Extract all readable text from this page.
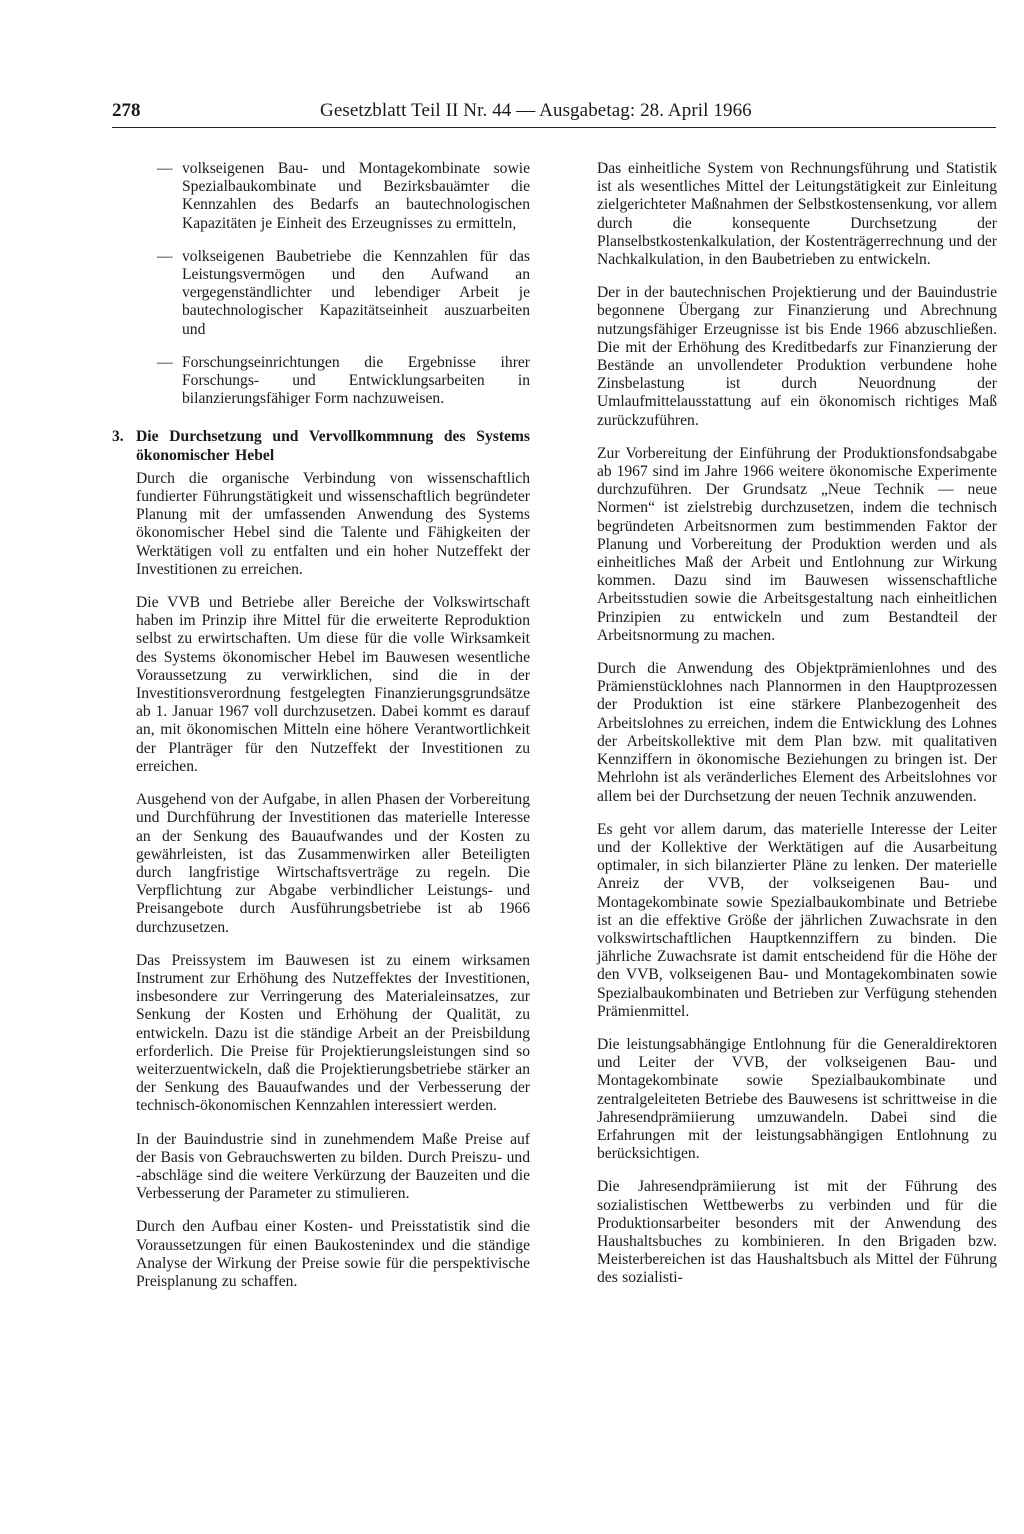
278	Gesetzblatt Teil II Nr. 44 — Ausgabetag: 28. April 1966
— volkseigenen Bau- und Montagekombinate sowie Spezialbaukombinate und Bezirksbauämter die Kennzahlen des Bedarfs an bautechnologischen Kapazitäten je Einheit des Erzeugnisses zu ermitteln,

— volkseigenen Baubetriebe die Kennzahlen für das Leistungsvermögen und den Aufwand an vergegenständlichter und lebendiger Arbeit je bautechnologischer Kapazitätseinheit auszuarbeiten und

— Forschungseinrichtungen die Ergebnisse ihrer Forschungs- und Entwicklungsarbeiten in bilanzierungsfähiger Form nachzuweisen.

3. Die Durchsetzung und Vervollkommnung des Systems ökonomischer Hebel

Durch die organische Verbindung von wissenschaftlich fundierter Führungstätigkeit und wissenschaftlich begründeter Planung mit der umfassenden Anwendung des Systems ökonomischer Hebel sind die Talente und Fähigkeiten der Werktätigen voll zu entfalten und ein hoher Nutzeffekt der Investitionen zu erreichen.

Die VVB und Betriebe aller Bereiche der Volkswirtschaft haben im Prinzip ihre Mittel für die erweiterte Reproduktion selbst zu erwirtschaften. Um diese für die volle Wirksamkeit des Systems ökonomischer Hebel im Bauwesen wesentliche Voraussetzung zu verwirklichen, sind die in der Investitionsverordnung festgelegten Finanzierungsgrundsätze ab 1. Januar 1967 voll durchzusetzen. Dabei kommt es darauf an, mit ökonomischen Mitteln eine höhere Verantwortlichkeit der Planträger für den Nutzeffekt der Investitionen zu erreichen.

Ausgehend von der Aufgabe, in allen Phasen der Vorbereitung und Durchführung der Investitionen das materielle Interesse an der Senkung des Bauaufwandes und der Kosten zu gewährleisten, ist das Zusammenwirken aller Beteiligten durch langfristige Wirtschaftsverträge zu regeln. Die Verpflichtung zur Abgabe verbindlicher Leistungs- und Preisangebote durch Ausführungsbetriebe ist ab 1966 durchzusetzen.

Das Preissystem im Bauwesen ist zu einem wirksamen Instrument zur Erhöhung des Nutzeffektes der Investitionen, insbesondere zur Verringerung des Materialeinsatzes, zur Senkung der Kosten und Erhöhung der Qualität, zu entwickeln. Dazu ist die ständige Arbeit an der Preisbildung erforderlich. Die Preise für Projektierungsleistungen sind so weiterzuentwickeln, daß die Projektierungsbetriebe stärker an der Senkung des Bauaufwandes und der Verbesserung der technisch-ökonomischen Kennzahlen interessiert werden.

In der Bauindustrie sind in zunehmendem Maße Preise auf der Basis von Gebrauchswerten zu bilden. Durch Preiszu- und -abschläge sind die weitere Verkürzung der Bauzeiten und die Verbesserung der Parameter zu stimulieren.

Durch den Aufbau einer Kosten- und Preisstatistik sind die Voraussetzungen für einen Baukostenindex und die ständige Analyse der Wirkung der Preise sowie für die perspektivische Preisplanung zu schaffen.

Das einheitliche System von Rechnungsführung und Statistik ist als wesentliches Mittel der Leitungstätigkeit zur Einleitung zielgerichteter Maßnahmen der Selbstkostensenkung, vor allem durch die konsequente Durchsetzung der Planselbstkostenkalkulation, der Kostenträgerrechnung und der Nachkalkulation, in den Baubetrieben zu entwickeln.

Der in der bautechnischen Projektierung und der Bauindustrie begonnene Übergang zur Finanzierung und Abrechnung nutzungsfähiger Erzeugnisse ist bis Ende 1966 abzuschließen. Die mit der Erhöhung des Kreditbedarfs zur Finanzierung der Bestände an unvollendeter Produktion verbundene hohe Zinsbelastung ist durch Neuordnung der Umlaufmittelausstattung auf ein ökonomisch richtiges Maß zurückzuführen.

Zur Vorbereitung der Einführung der Produktionsfondsabgabe ab 1967 sind im Jahre 1966 weitere ökonomische Experimente durchzuführen. Der Grundsatz „Neue Technik — neue Normen“ ist zielstrebig durchzusetzen, indem die technisch begründeten Arbeitsnormen zum bestimmenden Faktor der Planung und Vorbereitung der Produktion werden und als einheitliches Maß der Arbeit und Entlohnung zur Wirkung kommen. Dazu sind im Bauwesen wissenschaftliche Arbeitsstudien sowie die Arbeitsgestaltung nach einheitlichen Prinzipien zu entwickeln und zum Bestandteil der Arbeitsnormung zu machen.

Durch die Anwendung des Objektprämienlohnes und des Prämienstücklohnes nach Plannormen in den Hauptprozessen der Produktion ist eine stärkere Planbezogenheit des Arbeitslohnes zu erreichen, indem die Entwicklung des Lohnes der Arbeitskollektive mit dem Plan bzw. mit qualitativen Kennziffern in ökonomische Beziehungen zu bringen ist. Der Mehrlohn ist als veränderliches Element des Arbeitslohnes vor allem bei der Durchsetzung der neuen Technik anzuwenden.

Es geht vor allem darum, das materielle Interesse der Leiter und der Kollektive der Werktätigen auf die Ausarbeitung optimaler, in sich bilanzierter Pläne zu lenken. Der materielle Anreiz der VVB, der volkseigenen Bau- und Montagekombinate sowie Spezialbaukombinate und Betriebe ist an die effektive Größe der jährlichen Zuwachsrate in den volkswirtschaftlichen Hauptkennziffern zu binden. Die jährliche Zuwachsrate ist damit entscheidend für die Höhe der den VVB, volkseigenen Bau- und Montagekombinaten sowie Spezialbaukombinaten und Betrieben zur Verfügung stehenden Prämienmittel.

Die leistungsabhängige Entlohnung für die Generaldirektoren und Leiter der VVB, der volkseigenen Bau- und Montagekombinate sowie Spezialbaukombinate und zentralgeleiteten Betriebe des Bauwesens ist schrittweise in die Jahresendprämiierung umzuwandeln. Dabei sind die Erfahrungen mit der leistungsabhängigen Entlohnung zu berücksichtigen.

Die Jahresendprämiierung ist mit der Führung des sozialistischen Wettbewerbs zu verbinden und für die Produktionsarbeiter besonders mit der Anwendung des Haushaltsbuches zu kombinieren. In den Brigaden bzw. Meisterbereichen ist das Haushaltsbuch als Mittel der Führung des sozialisti-
